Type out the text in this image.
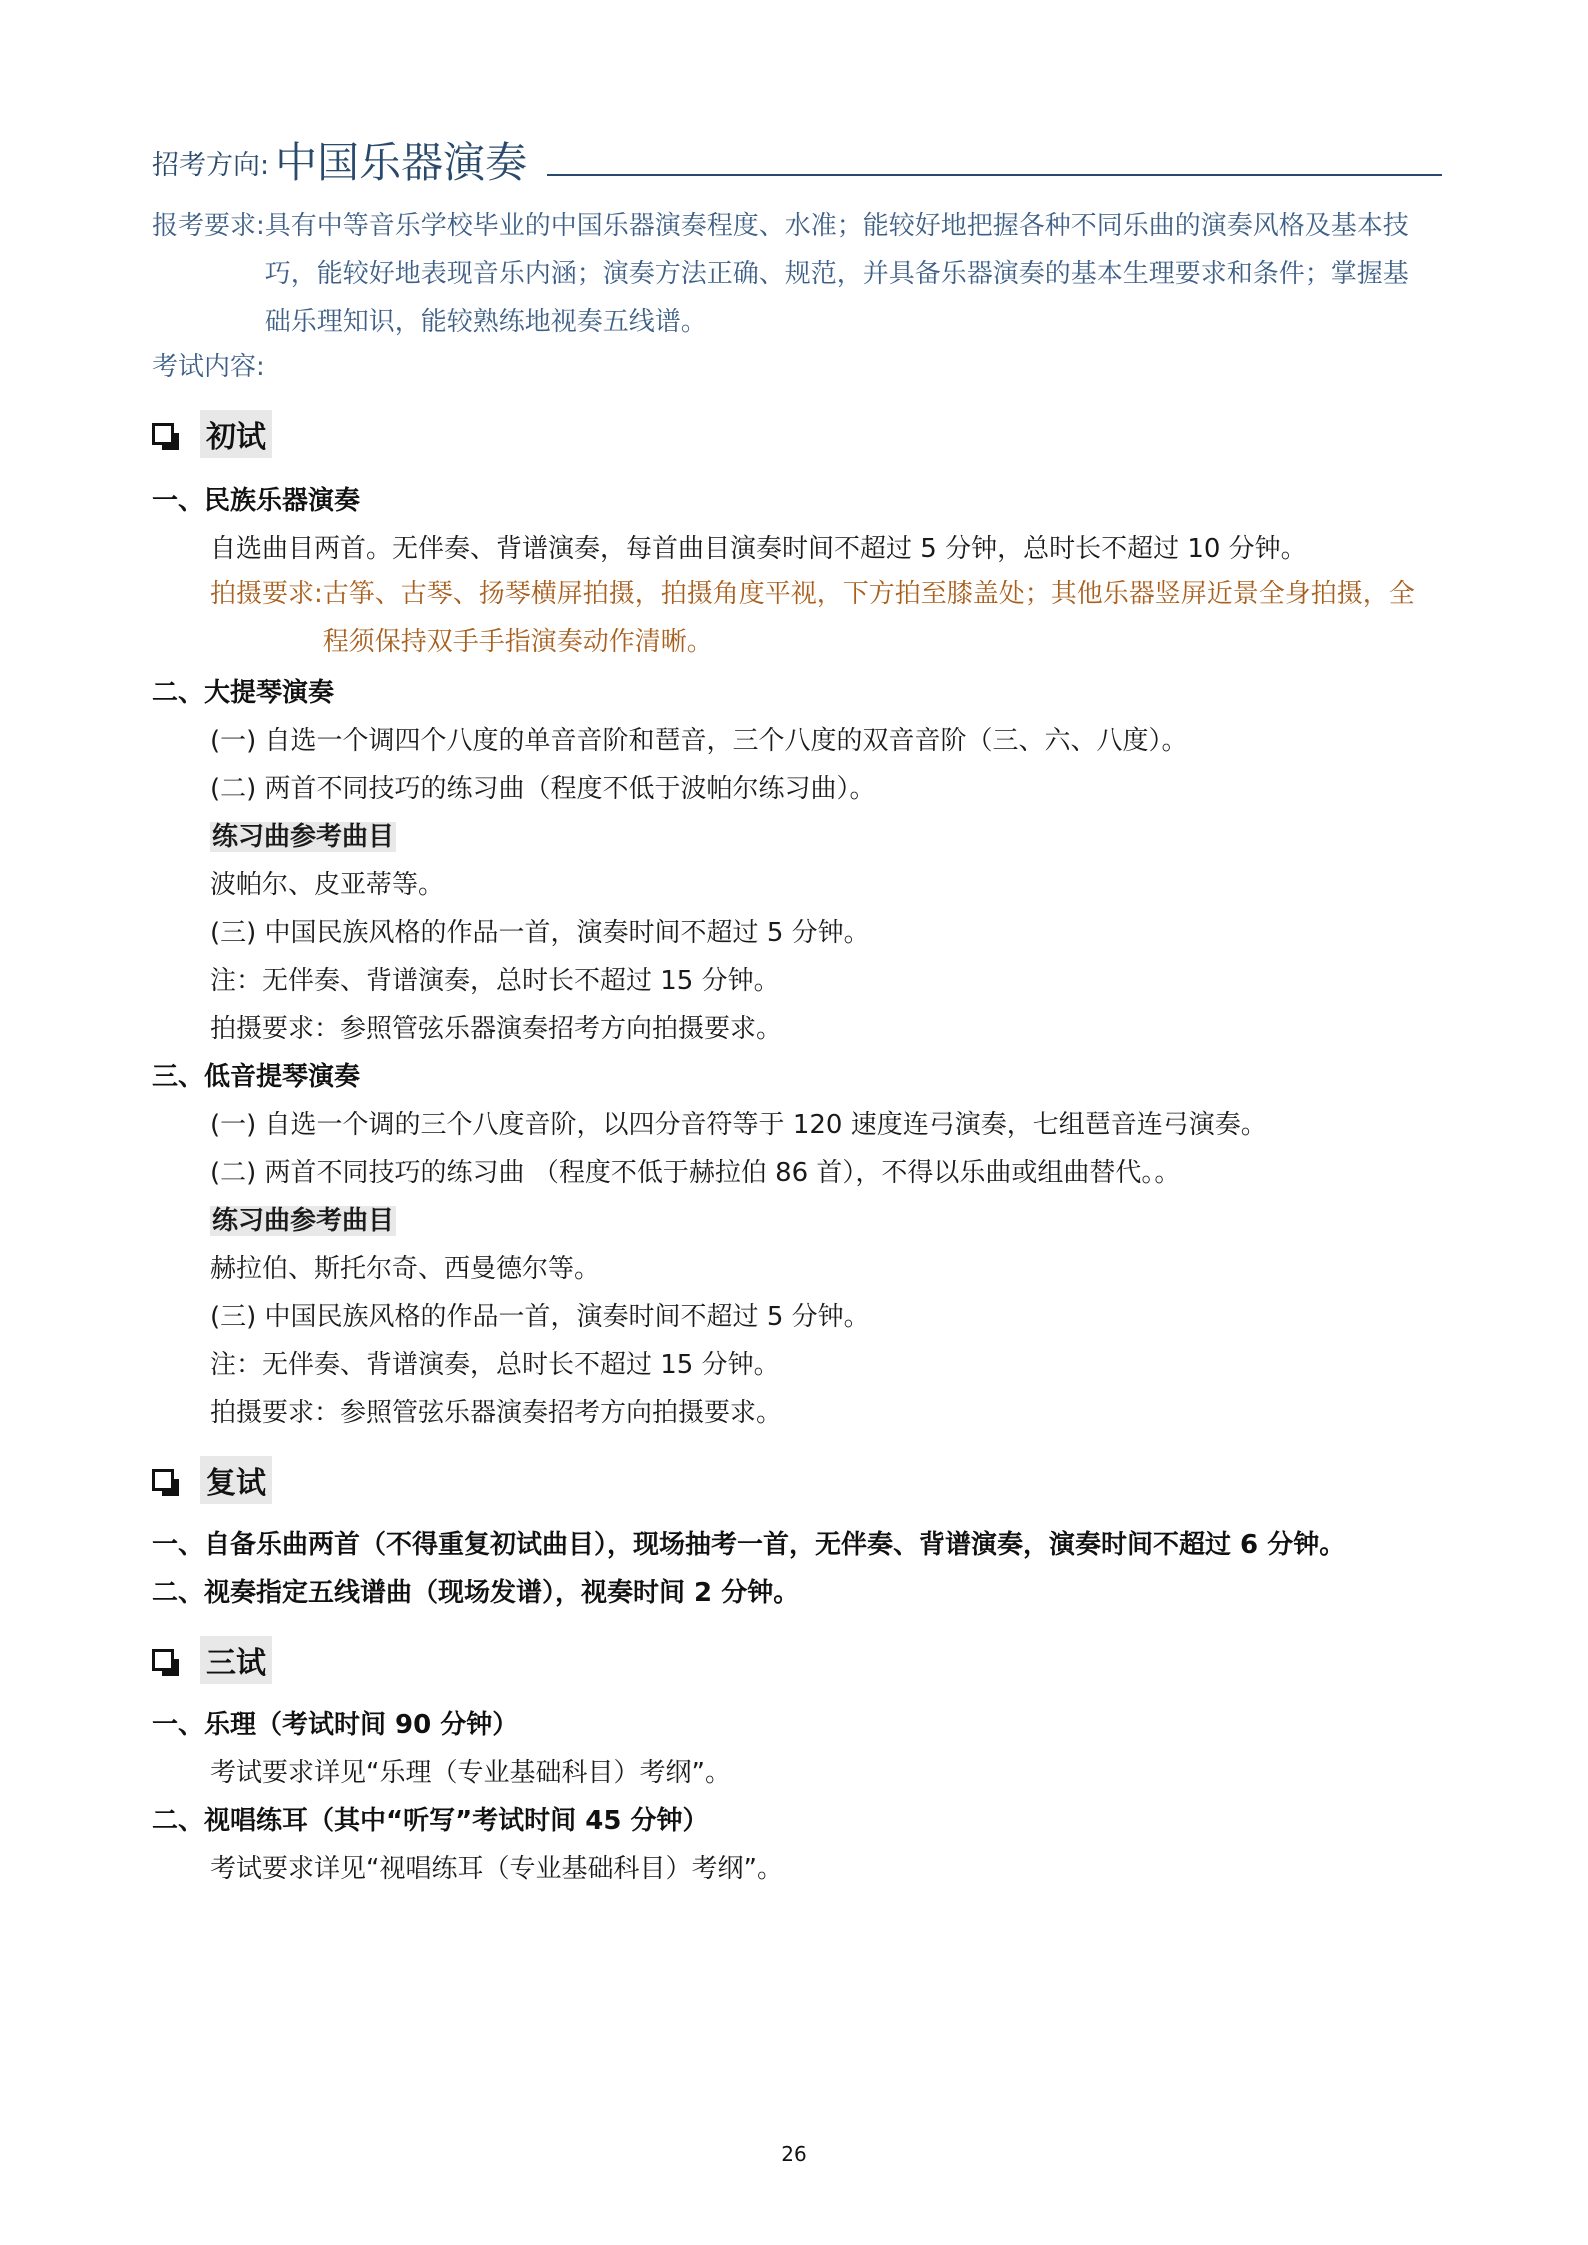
招考方向: 中国乐器演奏
报考要求: 具有中等音乐学校毕业的中国乐器演奏程度、水准；能较好地把握各种不同乐曲的演奏风格及基本技巧，能较好地表现音乐内涵；演奏方法正确、规范，并具备乐器演奏的基本生理要求和条件；掌握基础乐理知识，能较熟练地视奏五线谱。
考试内容:
初试
一、民族乐器演奏
自选曲目两首。无伴奏、背谱演奏，每首曲目演奏时间不超过 5 分钟，总时长不超过 10 分钟。
拍摄要求: 古筝、古琴、扬琴横屏拍摄，拍摄角度平视，下方拍至膝盖处；其他乐器竖屏近景全身拍摄，全程须保持双手手指演奏动作清晰。
二、大提琴演奏
(一) 自选一个调四个八度的单音音阶和琶音，三个八度的双音音阶（三、六、八度）。
(二) 两首不同技巧的练习曲（程度不低于波帕尔练习曲）。
练习曲参考曲目
波帕尔、皮亚蒂等。
(三) 中国民族风格的作品一首，演奏时间不超过 5 分钟。
注：无伴奏、背谱演奏，总时长不超过 15 分钟。
拍摄要求：参照管弦乐器演奏招考方向拍摄要求。
三、低音提琴演奏
(一) 自选一个调的三个八度音阶，以四分音符等于 120 速度连弓演奏，七组琶音连弓演奏。
(二) 两首不同技巧的练习曲 （程度不低于赫拉伯 86 首），不得以乐曲或组曲替代。。
练习曲参考曲目
赫拉伯、斯托尔奇、西曼德尔等。
(三) 中国民族风格的作品一首，演奏时间不超过 5 分钟。
注：无伴奏、背谱演奏，总时长不超过 15 分钟。
拍摄要求：参照管弦乐器演奏招考方向拍摄要求。
复试
一、自备乐曲两首（不得重复初试曲目），现场抽考一首，无伴奏、背谱演奏，演奏时间不超过 6 分钟。
二、视奏指定五线谱曲（现场发谱），视奏时间 2 分钟。
三试
一、乐理（考试时间 90 分钟）
考试要求详见“乐理（专业基础科目）考纲”。
二、视唱练耳（其中“听写”考试时间 45 分钟）
考试要求详见“视唱练耳（专业基础科目）考纲”。
26
